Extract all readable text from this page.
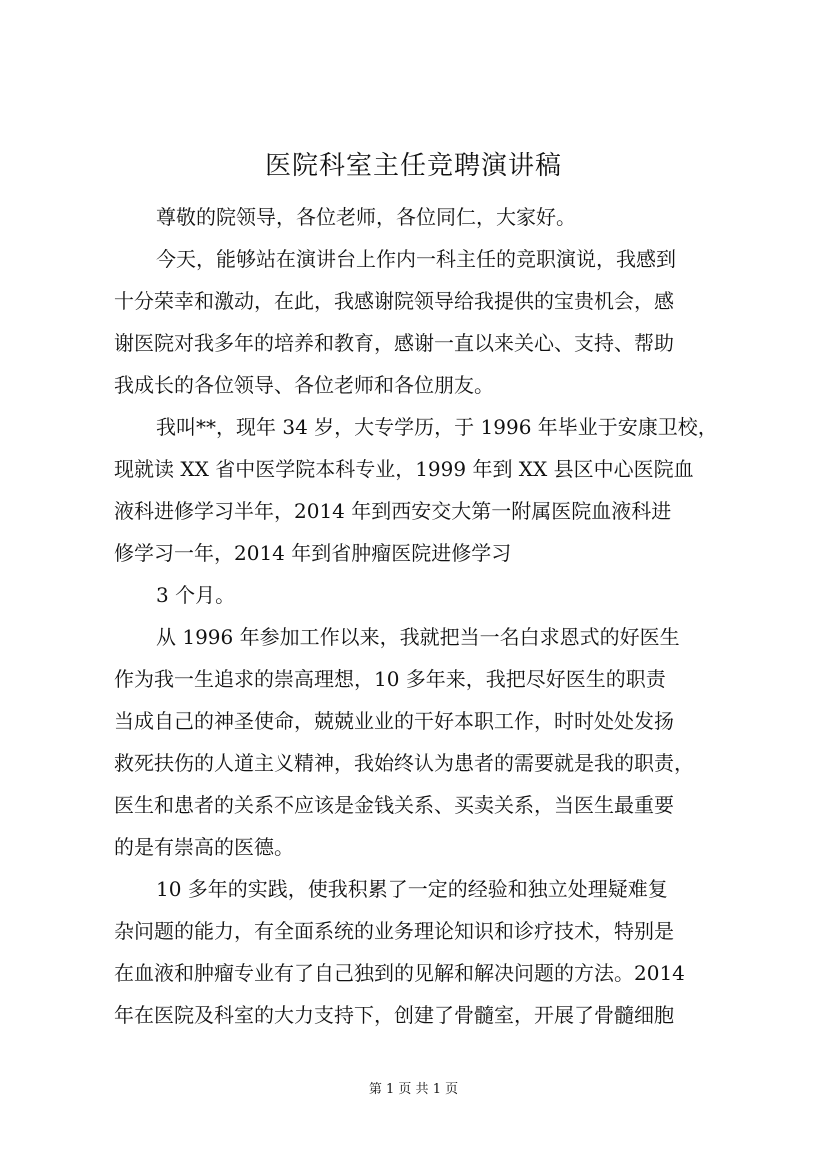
医院科室主任竞聘演讲稿
尊敬的院领导，各位老师，各位同仁，大家好。
今天，能够站在演讲台上作内一科主任的竞职演说，我感到
十分荣幸和激动，在此，我感谢院领导给我提供的宝贵机会，感
谢医院对我多年的培养和教育，感谢一直以来关心、支持、帮助
我成长的各位领导、各位老师和各位朋友。
我叫**，现年 34 岁，大专学历，于 1996 年毕业于安康卫校，
现就读 XX 省中医学院本科专业，1999 年到 XX 县区中心医院血
液科进修学习半年，2014 年到西安交大第一附属医院血液科进
修学习一年，2014 年到省肿瘤医院进修学习
3 个月。
从 1996 年参加工作以来，我就把当一名白求恩式的好医生
作为我一生追求的崇高理想，10 多年来，我把尽好医生的职责
当成自己的神圣使命，兢兢业业的干好本职工作，时时处处发扬
救死扶伤的人道主义精神，我始终认为患者的需要就是我的职责，
医生和患者的关系不应该是金钱关系、买卖关系，当医生最重要
的是有崇高的医德。
10 多年的实践，使我积累了一定的经验和独立处理疑难复
杂问题的能力，有全面系统的业务理论知识和诊疗技术，特别是
在血液和肿瘤专业有了自己独到的见解和解决问题的方法。2014
年在医院及科室的大力支持下，创建了骨髓室，开展了骨髓细胞
第 1 页 共 1 页
